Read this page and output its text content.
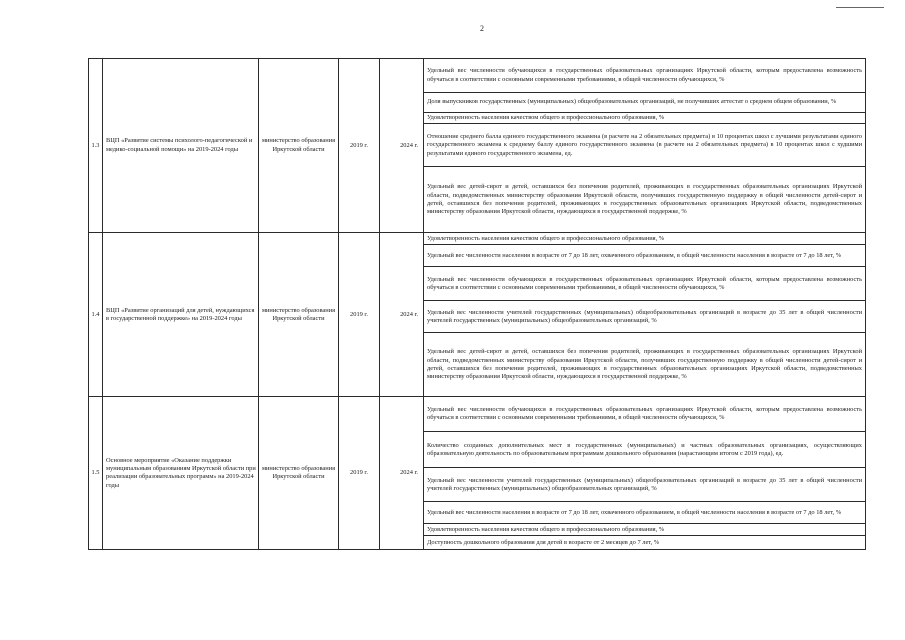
2
1.3	ВЦП «Развитие системы психолого-педагогической и медико-социальной помощи» на 2019-2024 годы	министерство образования Иркутской области	2019 г.	2024 г.	Удельный вес численности обучающихся в государственных образовательных организациях Иркутской области, которым предоставлена возможность обучаться в соответствии с основными современными требованиями, в общей численности обучающихся, %
					Доля выпускников государственных (муниципальных) общеобразовательных организаций, не получивших аттестат о среднем общем образовании, %
					Удовлетворенность населения качеством общего и профессионального образования, %
					Отношение среднего балла единого государственного экзамена (в расчете на 2 обязательных предмета) в 10 процентах школ с лучшими результатами единого государственного экзамена к среднему баллу единого государственного экзамена (в расчете на 2 обязательных предмета) в 10 процентах школ с худшими результатами единого государственного экзамена, ед.
					Удельный вес детей-сирот и детей, оставшихся без попечения родителей, проживающих в государственных образовательных организациях Иркутской области, подведомственных министерству образования Иркутской области, получивших государственную поддержку в общей численности детей-сирот и детей, оставшихся без попечения родителей, проживающих в государственных образовательных организациях Иркутской области, подведомственных министерству образования Иркутской области, нуждающихся в государственной поддержке, %
1.4	ВЦП «Развитие организаций для детей, нуждающихся в государственной поддержке» на 2019-2024 годы	министерство образования Иркутской области	2019 г.	2024 г.	Удовлетворенность населения качеством общего и профессионального образования, %
					Удельный вес численности населения в возрасте от 7 до 18 лет, охваченного образованием, в общей численности населения в возрасте от 7 до 18 лет, %
					Удельный вес численности обучающихся в государственных образовательных организациях Иркутской области, которым предоставлена возможность обучаться в соответствии с основными современными требованиями, в общей численности обучающихся, %
					Удельный вес численности учителей государственных (муниципальных) общеобразовательных организаций в возрасте до 35 лет в общей численности учителей государственных (муниципальных) общеобразовательных организаций, %
					Удельный вес детей-сирот и детей, оставшихся без попечения родителей, проживающих в государственных образовательных организациях Иркутской области, подведомственных министерству образования Иркутской области, получивших государственную поддержку в общей численности детей-сирот и детей, оставшихся без попечения родителей, проживающих в государственных образовательных организациях Иркутской области, подведомственных министерству образования Иркутской области, нуждающихся в государственной поддержке, %
1.5	Основное мероприятие «Оказание поддержки муниципальным образованиям Иркутской области при реализации образовательных программ» на 2019-2024 годы	министерство образования Иркутской области	2019 г.	2024 г.	Удельный вес численности обучающихся в государственных образовательных организациях Иркутской области, которым предоставлена возможность обучаться в соответствии с основными современными требованиями, в общей численности обучающихся, %
					Количество созданных дополнительных мест в государственных (муниципальных) и частных образовательных организациях, осуществляющих образовательную деятельность по образовательным программам дошкольного образования (нарастающим итогом с 2019 года), ед.
					Удельный вес численности учителей государственных (муниципальных) общеобразовательных организаций в возрасте до 35 лет в общей численности учителей государственных (муниципальных) общеобразовательных организаций, %
					Удельный вес численности населения в возрасте от 7 до 18 лет, охваченного образованием, в общей численности населения в возрасте от 7 до 18 лет, %
					Удовлетворенность населения качеством общего и профессионального образования, %
					Доступность дошкольного образования для детей в возрасте от 2 месяцев до 7 лет, %
